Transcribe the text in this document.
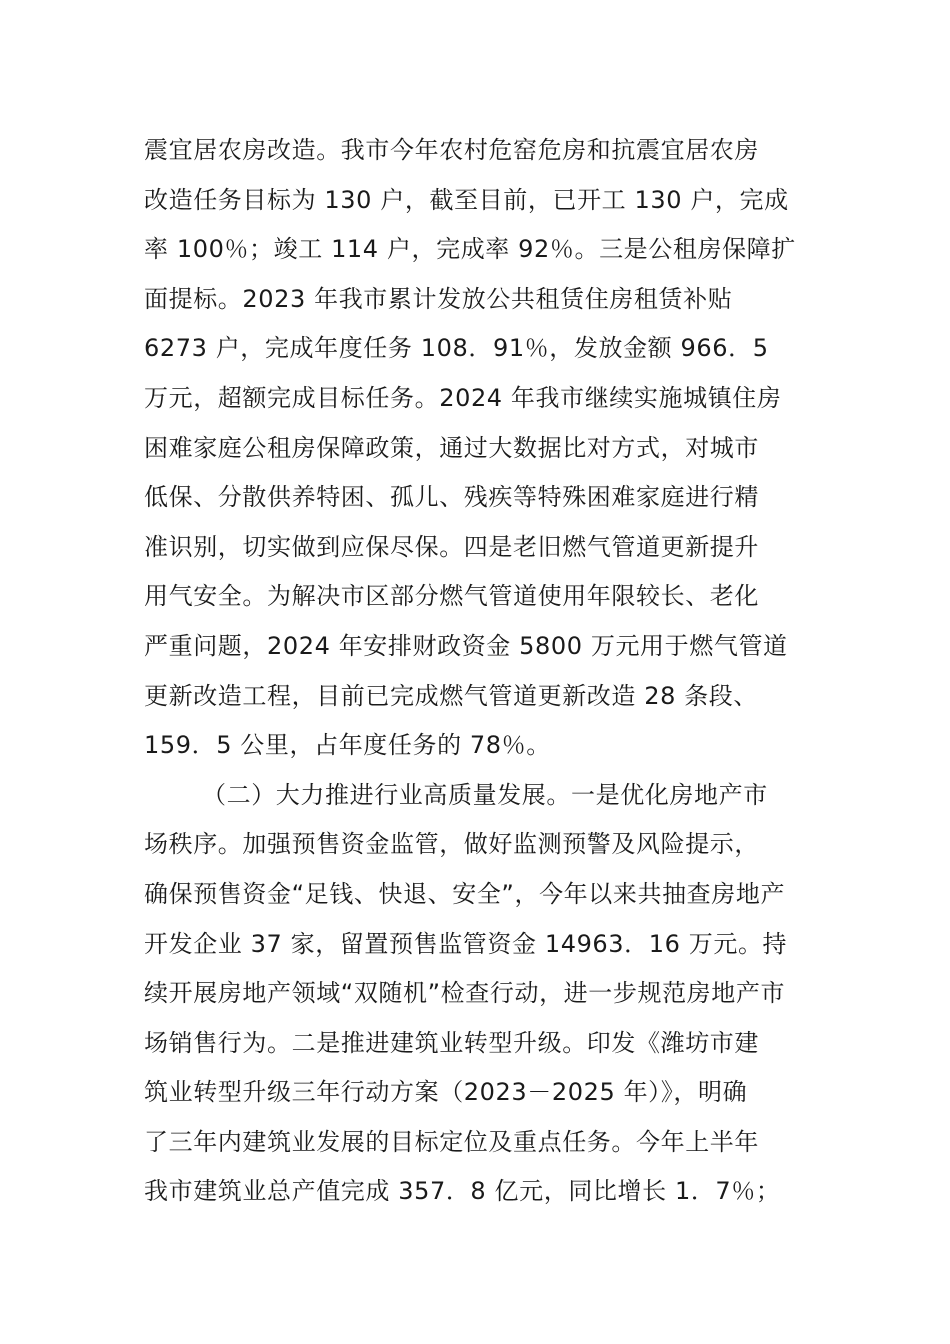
震宜居农房改造。我市今年农村危窑危房和抗震宜居农房
改造任务目标为 130 户，截至目前，已开工 130 户，完成
率 100％；竣工 114 户，完成率 92％。三是公租房保障扩
面提标。2023 年我市累计发放公共租赁住房租赁补贴
6273 户，完成年度任务 108．91％，发放金额 966．5
万元，超额完成目标任务。2024 年我市继续实施城镇住房
困难家庭公租房保障政策，通过大数据比对方式，对城市
低保、分散供养特困、孤儿、残疾等特殊困难家庭进行精
准识别，切实做到应保尽保。四是老旧燃气管道更新提升
用气安全。为解决市区部分燃气管道使用年限较长、老化
严重问题，2024 年安排财政资金 5800 万元用于燃气管道
更新改造工程，目前已完成燃气管道更新改造 28 条段、
159．5 公里，占年度任务的 78％。
（二）大力推进行业高质量发展。一是优化房地产市
场秩序。加强预售资金监管，做好监测预警及风险提示，
确保预售资金“足钱、快退、安全”，今年以来共抽查房地产
开发企业 37 家，留置预售监管资金 14963．16 万元。持
续开展房地产领域“双随机”检查行动，进一步规范房地产市
场销售行为。二是推进建筑业转型升级。印发《潍坊市建
筑业转型升级三年行动方案（2023－2025 年）》，明确
了三年内建筑业发展的目标定位及重点任务。今年上半年
我市建筑业总产值完成 357．8 亿元，同比增长 1．7％；
